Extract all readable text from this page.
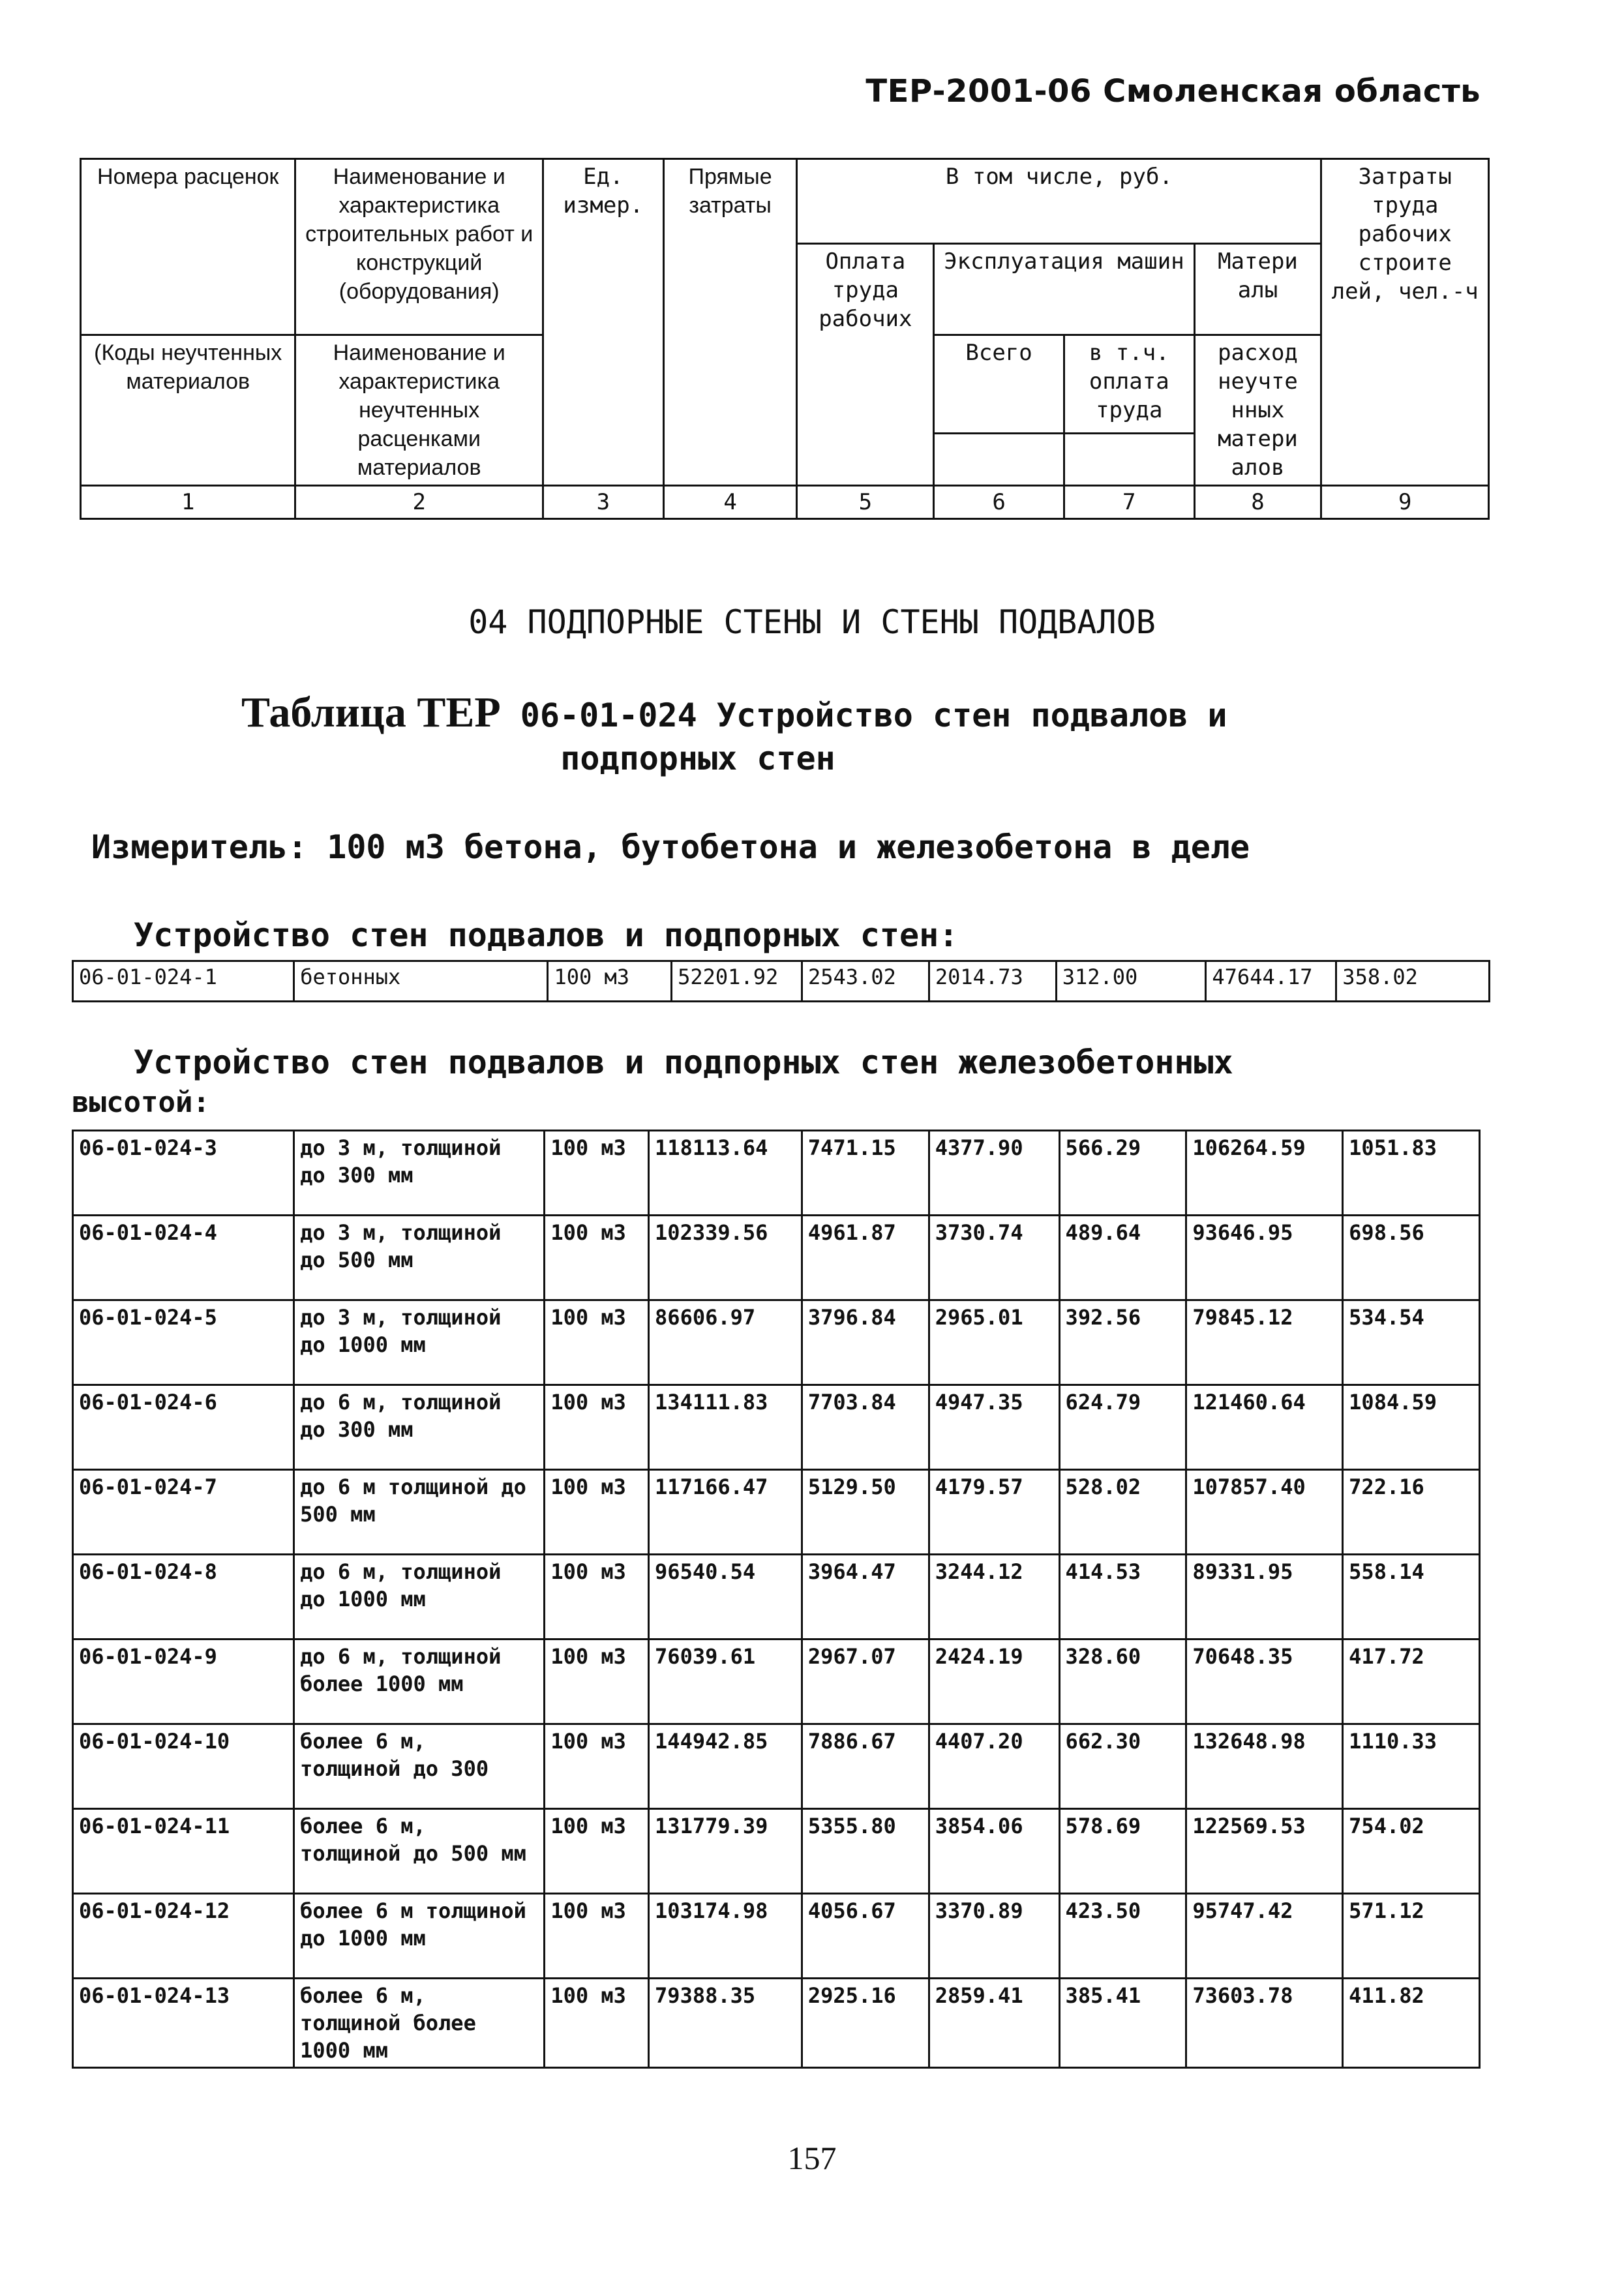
ТЕР-2001-06 Смоленская область
Номера расценок	Наименование и характеристика строительных работ и конструкций (оборудования)	Ед. измер.	Прямые затраты	В том числе, руб.				Затраты труда рабочих строите лей, чел.-ч
				Оплата труда рабочих	Эксплуатация машин		Матери алы	
(Коды неучтенных материалов	Наименование и характеристика неучтенных расценками материалов				Всего	в т.ч. оплата труда	расход неучте нных матери алов	

1	2	3	4	5	6	7	8	9
04 ПОДПОРНЫЕ СТЕНЫ И СТЕНЫ ПОДВАЛОВ
Таблица ТЕР 06-01-024 Устройство стен подвалов и
подпорных стен
Измеритель: 100 м3 бетона, бутобетона и железобетона в деле
Устройство стен подвалов и подпорных стен:
06-01-024-1	бетонных	100 м3	52201.92	2543.02	2014.73	312.00	47644.17	358.02
Устройство стен подвалов и подпорных стен железобетонных
высотой:
06-01-024-3	до 3 м, толщиной до 300 мм	100 м3	118113.64	7471.15	4377.90	566.29	106264.59	1051.83
06-01-024-4	до 3 м, толщиной до 500 мм	100 м3	102339.56	4961.87	3730.74	489.64	93646.95	698.56
06-01-024-5	до 3 м, толщиной до 1000 мм	100 м3	86606.97	3796.84	2965.01	392.56	79845.12	534.54
06-01-024-6	до 6 м, толщиной до 300 мм	100 м3	134111.83	7703.84	4947.35	624.79	121460.64	1084.59
06-01-024-7	до 6 м толщиной до 500 мм	100 м3	117166.47	5129.50	4179.57	528.02	107857.40	722.16
06-01-024-8	до 6 м, толщиной до 1000 мм	100 м3	96540.54	3964.47	3244.12	414.53	89331.95	558.14
06-01-024-9	до 6 м, толщиной более 1000 мм	100 м3	76039.61	2967.07	2424.19	328.60	70648.35	417.72
06-01-024-10	более 6 м, толщиной до 300	100 м3	144942.85	7886.67	4407.20	662.30	132648.98	1110.33
06-01-024-11	более 6 м, толщиной до 500 мм	100 м3	131779.39	5355.80	3854.06	578.69	122569.53	754.02
06-01-024-12	более 6 м толщиной до 1000 мм	100 м3	103174.98	4056.67	3370.89	423.50	95747.42	571.12
06-01-024-13	более 6 м, толщиной более 1000 мм	100 м3	79388.35	2925.16	2859.41	385.41	73603.78	411.82
157
